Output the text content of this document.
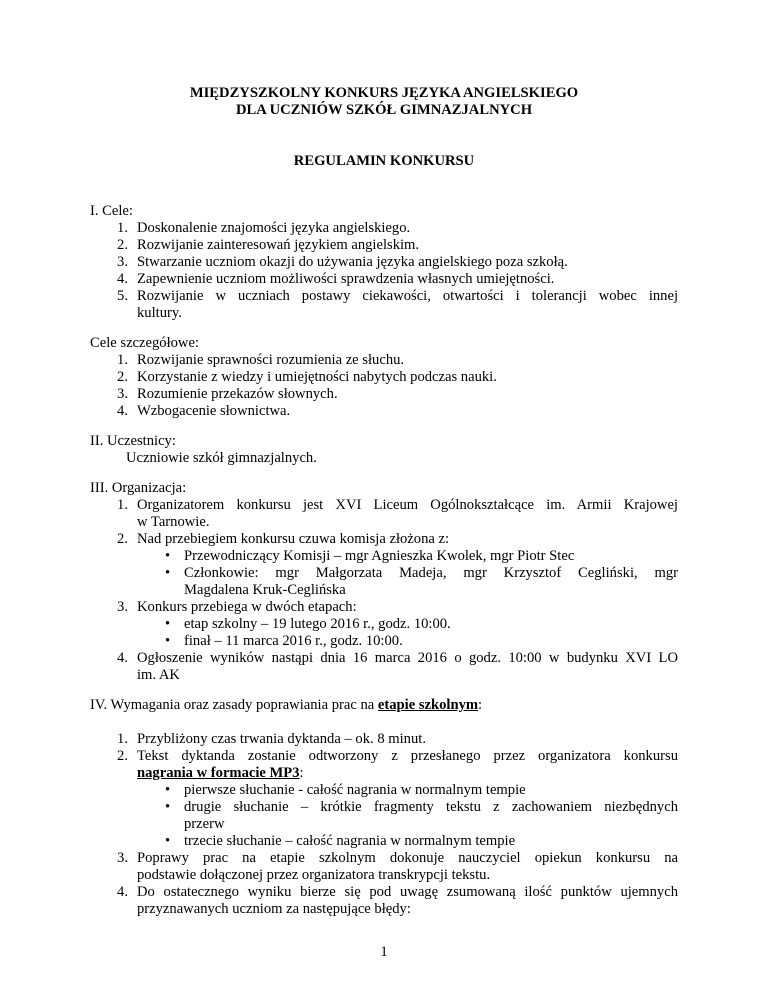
MIĘDZYSZKOLNY KONKURS JĘZYKA ANGIELSKIEGO
DLA UCZNIÓW SZKÓŁ GIMNAZJALNYCH
REGULAMIN KONKURSU
I. Cele:
1. Doskonalenie znajomości języka angielskiego.
2. Rozwijanie zainteresowań językiem angielskim.
3. Stwarzanie uczniom okazji do używania języka angielskiego poza szkołą.
4. Zapewnienie uczniom możliwości sprawdzenia własnych umiejętności.
5. Rozwijanie w uczniach postawy ciekawości, otwartości i tolerancji wobec innej
kultury.
Cele szczegółowe:
1. Rozwijanie sprawności rozumienia ze słuchu.
2. Korzystanie z wiedzy i umiejętności nabytych podczas nauki.
3. Rozumienie przekazów słownych.
4. Wzbogacenie słownictwa.
II. Uczestnicy:
Uczniowie szkół gimnazjalnych.
III. Organizacja:
1. Organizatorem konkursu jest XVI Liceum Ogólnokształcące im. Armii Krajowej
w Tarnowie.
2. Nad przebiegiem konkursu czuwa komisja złożona z:
• Przewodniczący Komisji – mgr Agnieszka Kwolek, mgr Piotr Stec
• Członkowie: mgr Małgorzata Madeja, mgr Krzysztof Cegliński, mgr
Magdalena Kruk-Ceglińska
3. Konkurs przebiega w dwóch etapach:
• etap szkolny – 19 lutego 2016 r., godz. 10:00.
• finał – 11 marca 2016 r., godz. 10:00.
4. Ogłoszenie wyników nastąpi dnia 16 marca 2016 o godz. 10:00 w budynku XVI LO
im. AK
IV. Wymagania oraz zasady poprawiania prac na etapie szkolnym:
1. Przybliżony czas trwania dyktanda – ok. 8 minut.
2. Tekst dyktanda zostanie odtworzony z przesłanego przez organizatora konkursu
nagrania w formacie MP3:
• pierwsze słuchanie - całość nagrania w normalnym tempie
• drugie słuchanie – krótkie fragmenty tekstu z zachowaniem niezbędnych
przerw
• trzecie słuchanie – całość nagrania w normalnym tempie
3. Poprawy prac na etapie szkolnym dokonuje nauczyciel opiekun konkursu na
podstawie dołączonej przez organizatora transkrypcji tekstu.
4. Do ostatecznego wyniku bierze się pod uwagę zsumowaną ilość punktów ujemnych
przyznawanych uczniom za następujące błędy:
1
